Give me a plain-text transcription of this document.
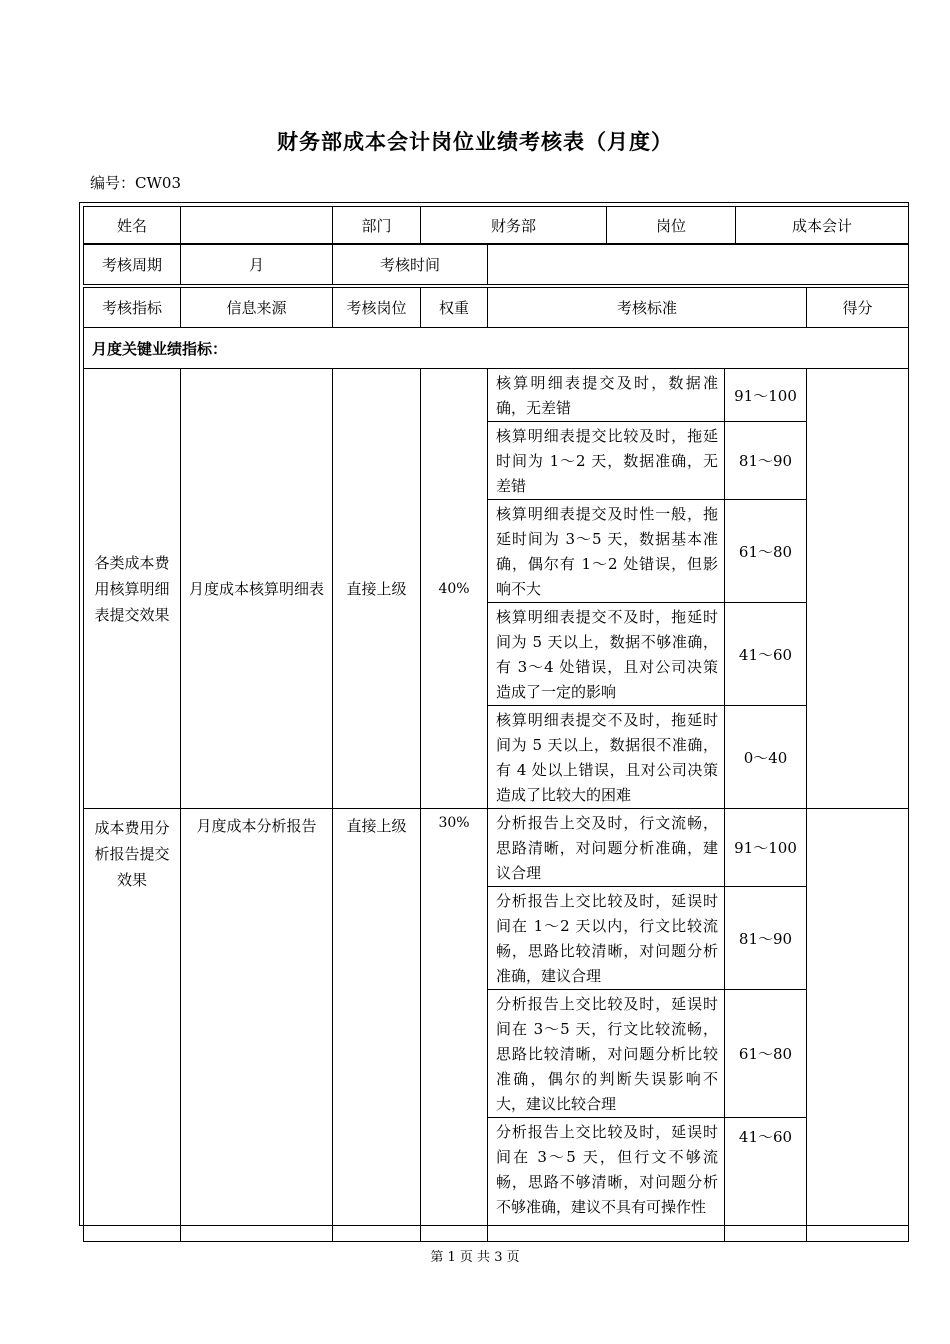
财务部成本会计岗位业绩考核表（月度）
编号：CW03
姓名		部门	财务部	岗位	成本会计
考核周期	月	考核时间	
考核指标	信息来源	考核岗位	权重	考核标准		得分
月度关键业绩指标：						
各类成本费用核算明细表提交效果	月度成本核算明细表	直接上级	40%	核算明细表提交及时，数据准确，无差错	91～100	
				核算明细表提交比较及时，拖延时间为 1～2 天，数据准确，无差错	81～90	
				核算明细表提交及时性一般，拖延时间为 3～5 天，数据基本准确，偶尔有 1～2 处错误，但影响不大	61～80	
				核算明细表提交不及时，拖延时间为 5 天以上，数据不够准确，有 3～4 处错误，且对公司决策造成了一定的影响	41～60	
				核算明细表提交不及时，拖延时间为 5 天以上，数据很不准确，有 4 处以上错误，且对公司决策造成了比较大的困难	0～40	
成本费用分析报告提交效果	月度成本分析报告	直接上级	30%	分析报告上交及时，行文流畅，思路清晰，对问题分析准确，建议合理	91～100	
				分析报告上交比较及时，延误时间在 1～2 天以内，行文比较流畅，思路比较清晰，对问题分析准确，建议合理	81～90	
				分析报告上交比较及时，延误时间在 3～5 天，行文比较流畅，思路比较清晰，对问题分析比较准确，偶尔的判断失误影响不大，建议比较合理	61～80	
				分析报告上交比较及时，延误时间在 3～5 天，但行文不够流畅，思路不够清晰，对问题分析不够准确，建议不具有可操作性	41～60	
第 1 页 共 3 页
